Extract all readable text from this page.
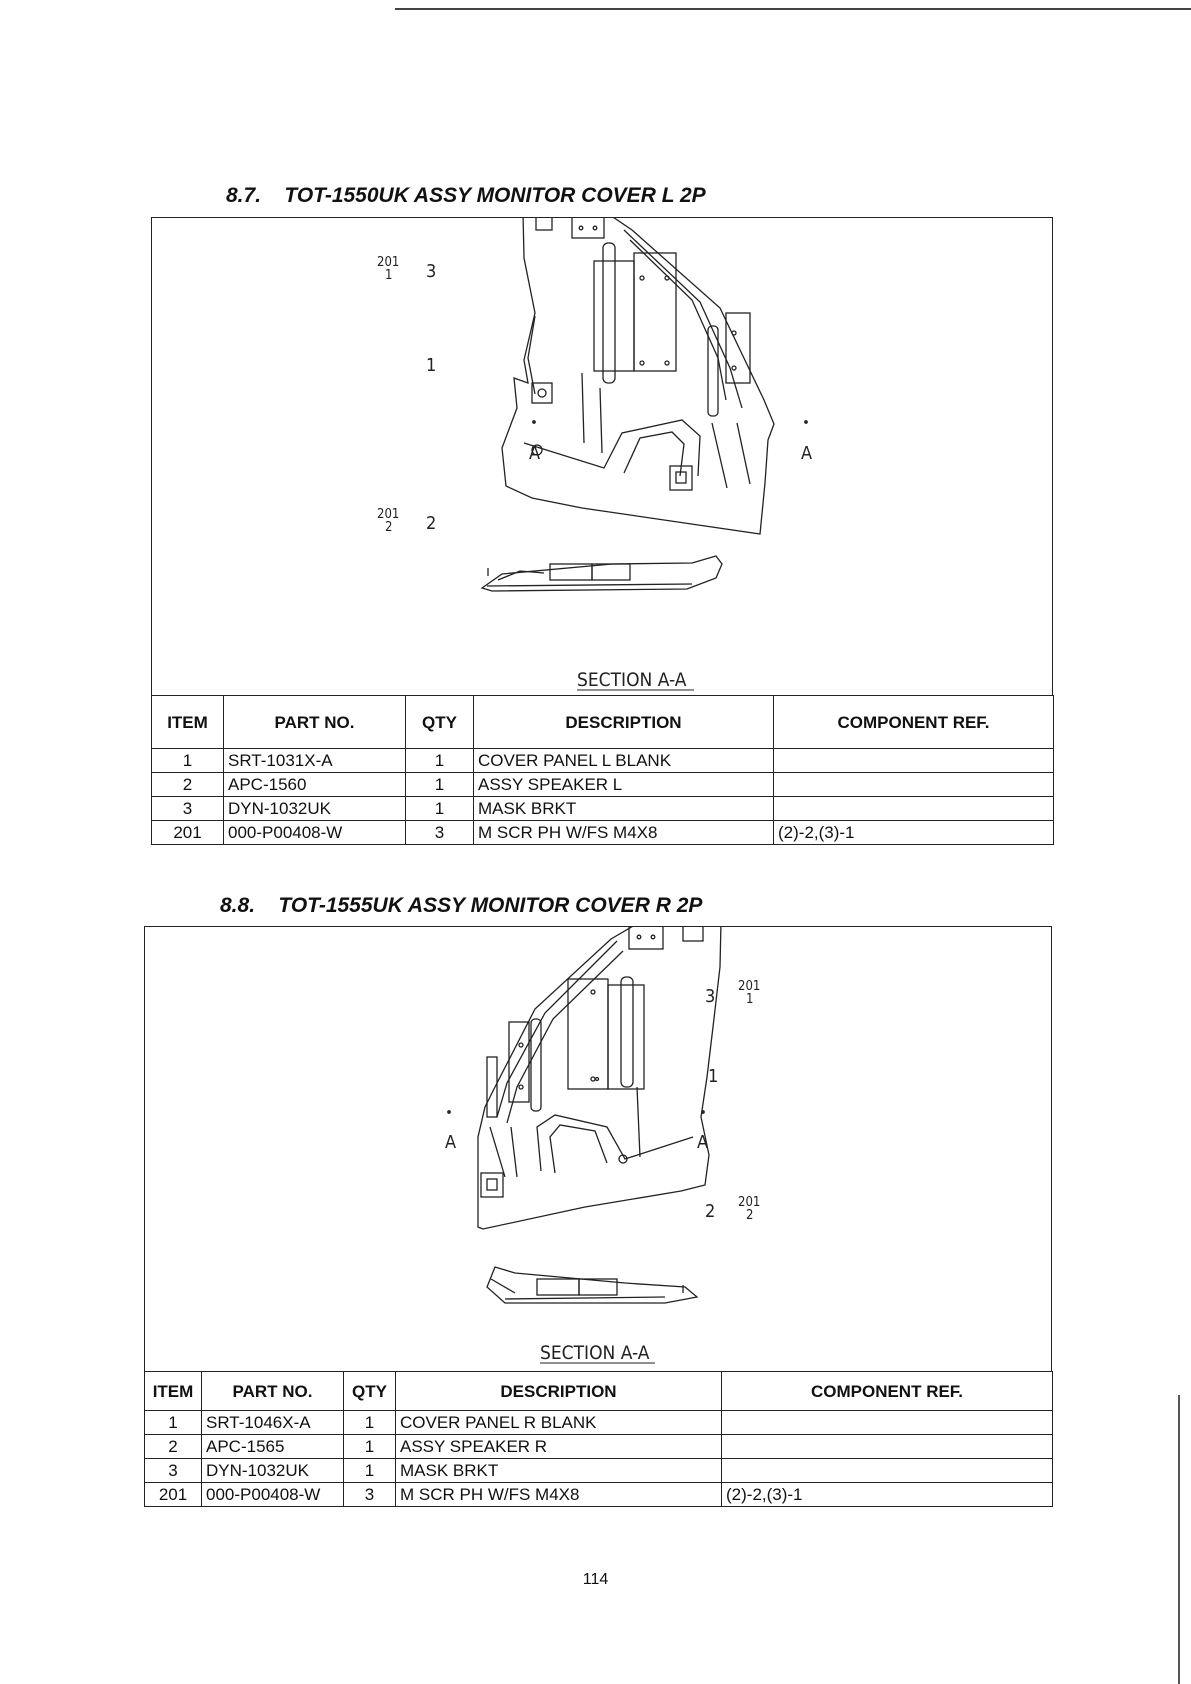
8.7. TOT-1550UK ASSY MONITOR COVER L 2P
201
1 3
1
201
2 2
A	A
SECTION A-A
ITEM	PART NO.	QTY	DESCRIPTION	COMPONENT REF.
1	SRT-1031X-A	1	COVER PANEL L BLANK	
2	APC-1560	1	ASSY SPEAKER L	
3	DYN-1032UK	1	MASK BRKT	
201	000-P00408-W	3	M SCR PH W/FS M4X8	(2)-2,(3)-1
8.8. TOT-1555UK ASSY MONITOR COVER R 2P
3 201
1
1
2 201
2
A	A
SECTION A-A
ITEM	PART NO.	QTY	DESCRIPTION	COMPONENT REF.
1	SRT-1046X-A	1	COVER PANEL R BLANK	
2	APC-1565	1	ASSY SPEAKER R	
3	DYN-1032UK	1	MASK BRKT	
201	000-P00408-W	3	M SCR PH W/FS M4X8	(2)-2,(3)-1
114
